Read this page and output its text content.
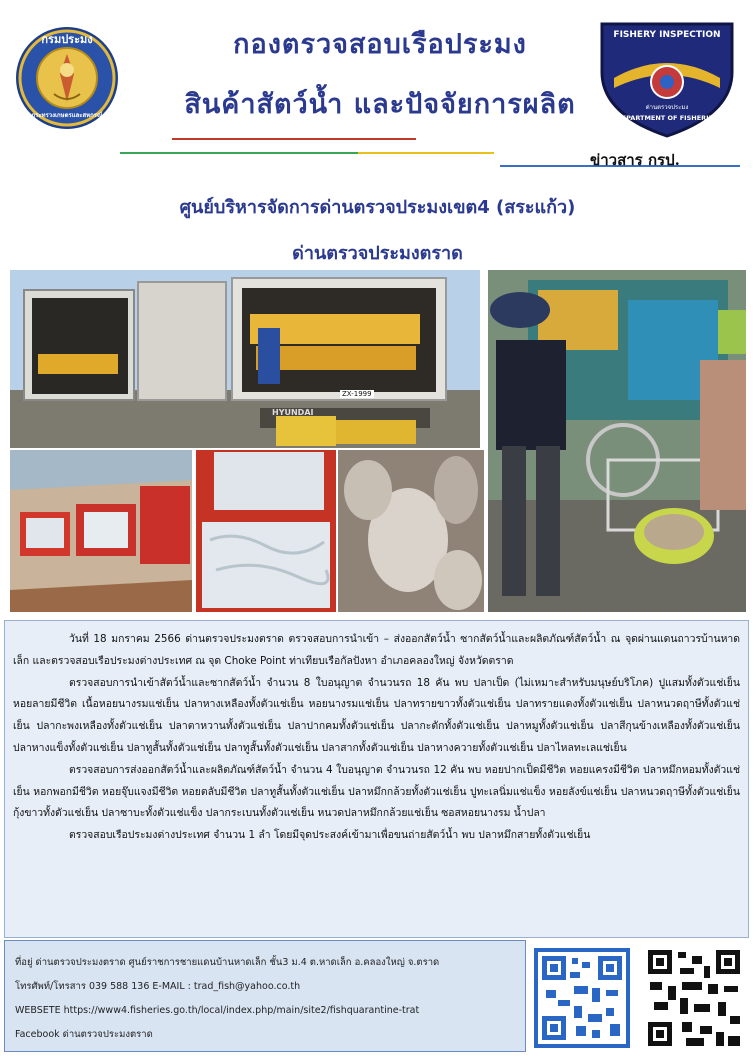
กรมประมง
กระทรวงเกษตรและสหกรณ์
กองตรวจสอบเรือประมง
สินค้าสัตว์น้ำ และปัจจัยการผลิต
FISHERY INSPECTION
ด่านตรวจประมง
DEPARTMENT OF FISHERIES
ข่าวสาร กรป.
ศูนย์บริหารจัดการด่านตรวจประมงเขต4 (สระแก้ว)
ด่านตรวจประมงตราด
ZX-1999
HYUNDAI

วันที่ 18 มกราคม 2566 ด่านตรวจประมงตราด ตรวจสอบการนำเข้า – ส่งออกสัตว์น้ำ ซากสัตว์น้ำและผลิตภัณฑ์สัตว์น้ำ ณ จุดผ่านแดนถาวรบ้านหาดเล็ก และตรวจสอบเรือประมงต่างประเทศ ณ จุด Choke Point ท่าเทียบเรือกัลปังหา อำเภอคลองใหญ่ จังหวัดตราด

ตรวจสอบการนำเข้าสัตว์น้ำและซากสัตว์น้ำ จำนวน 8 ใบอนุญาต จำนวนรถ 18 คัน พบ ปลาเป็ด (ไม่เหมาะสำหรับมนุษย์บริโภค) ปูแสมทั้งตัวแช่เย็น หอยลายมีชีวิต เนื้อหอยนางรมแช่เย็น ปลาหางเหลืองทั้งตัวแช่เย็น หอยนางรมแช่เย็น ปลาทรายขาวทั้งตัวแช่เย็น ปลาทรายแดงทั้งตัวแช่เย็น ปลาหนวดฤาษีทั้งตัวแช่เย็น ปลากะพงเหลืองทั้งตัวแช่เย็น ปลาตาหวานทั้งตัวแช่เย็น ปลาปากคมทั้งตัวแช่เย็น ปลากะตักทั้งตัวแช่เย็น ปลาหมูทั้งตัวแช่เย็น ปลาสีกุนข้างเหลืองทั้งตัวแช่เย็น ปลาหางแข็งทั้งตัวแช่เย็น ปลาทูสั้นทั้งตัวแช่เย็น ปลาทูสั้นทั้งตัวแช่เย็น ปลาสากทั้งตัวแช่เย็น ปลาหางควายทั้งตัวแช่เย็น ปลาไหลทะเลแช่เย็น

ตรวจสอบการส่งออกสัตว์น้ำและผลิตภัณฑ์สัตว์น้ำ จำนวน 4 ใบอนุญาต จำนวนรถ 12 คัน พบ หอยปากเป็ดมีชีวิต หอยแครงมีชีวิต ปลาหมึกหอมทั้งตัวแช่เย็น หอกพอกมีชีวิต หอยจุ๊บแจงมีชีวิต หอยตลับมีชีวิต ปลาทูสั้นทั้งตัวแช่เย็น ปลาหมึกกล้วยทั้งตัวแช่เย็น ปูทะเลนิ่มแช่แข็ง หอยลังข์แช่เย็น ปลาหนวดฤาษีทั้งตัวแช่เย็น กุ้งขาวทั้งตัวแช่เย็น ปลาซาบะทั้งตัวแช่แข็ง ปลากระเบนทั้งตัวแช่เย็น หนวดปลาหมึกกล้วยแช่เย็น ซอสหอยนางรม น้ำปลา

ตรวจสอบเรือประมงต่างประเทศ จำนวน 1 ลำ โดยมีจุดประสงค์เข้ามาเพื่อขนถ่ายสัตว์น้ำ พบ ปลาหมึกสายทั้งตัวแช่เย็น

ที่อยู่ ด่านตรวจประมงตราด ศูนย์ราชการชายแดนบ้านหาดเล็ก ชั้น3 ม.4 ต.หาดเล็ก อ.คลองใหญ่ จ.ตราด
โทรศัพท์/โทรสาร 039 588 136 E-MAIL : trad_fish@yahoo.co.th
WEBSETE https://www4.fisheries.go.th/local/index.php/main/site2/fishquarantine-trat
Facebook ด่านตรวจประมงตราด
